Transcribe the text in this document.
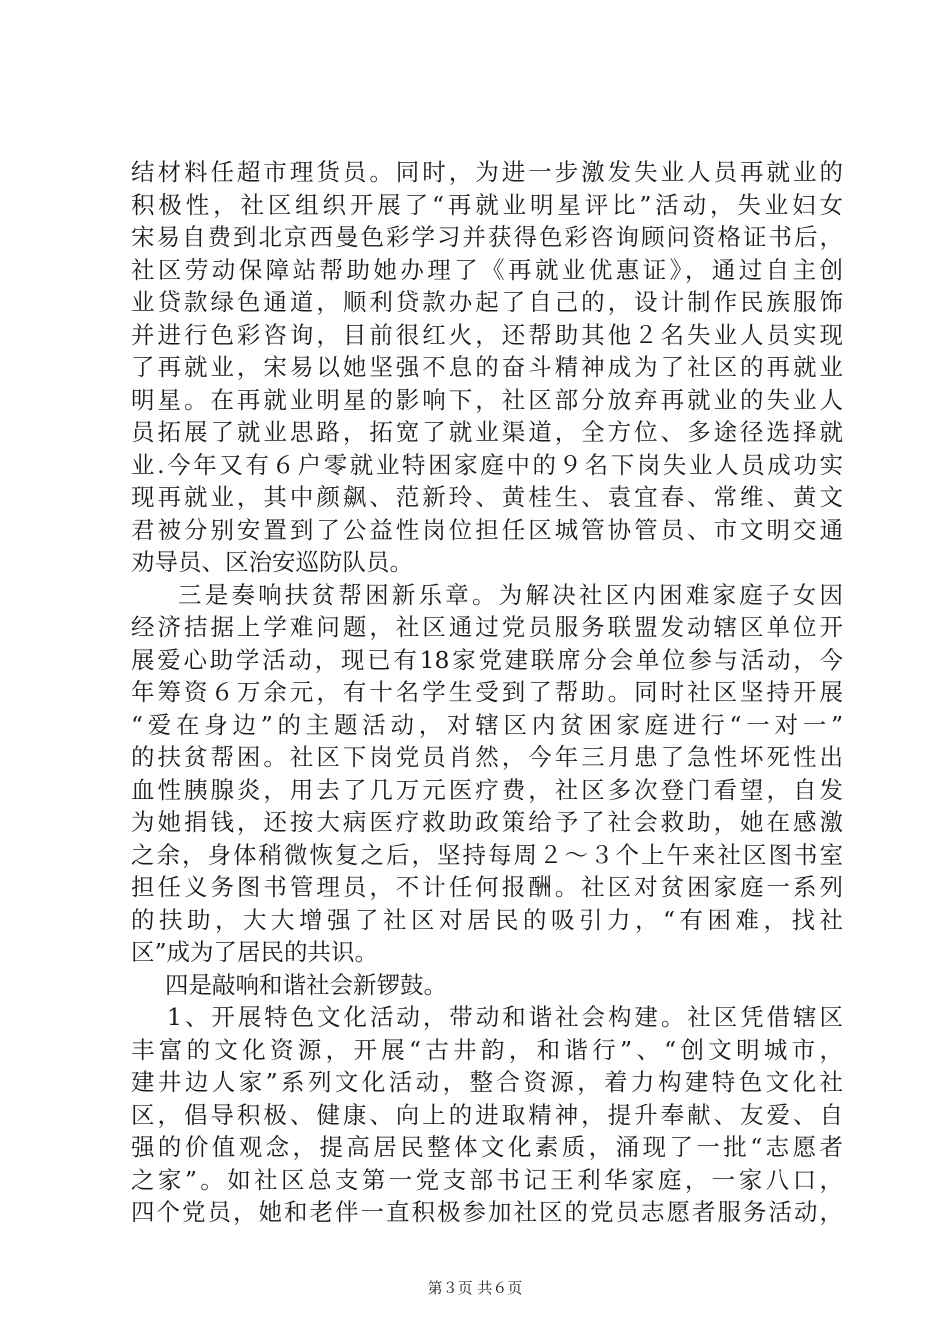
结材料任超市理货员。同时，为进一步激发失业人员再就业的
积极性，社区组织开展了“再就业明星评比”活动，失业妇女
宋易自费到北京西曼色彩学习并获得色彩咨询顾问资格证书后，
社区劳动保障站帮助她办理了《再就业优惠证》，通过自主创
业贷款绿色通道，顺利贷款办起了自己的，设计制作民族服饰
并进行色彩咨询，目前很红火，还帮助其他２名失业人员实现
了再就业，宋易以她坚强不息的奋斗精神成为了社区的再就业
明星。在再就业明星的影响下，社区部分放弃再就业的失业人
员拓展了就业思路，拓宽了就业渠道，全方位、多途径选择就
业.今年又有６户零就业特困家庭中的９名下岗失业人员成功实
现再就业，其中颜飙、范新玲、黄桂生、袁宜春、常维、黄文
君被分别安置到了公益性岗位担任区城管协管员、市文明交通
劝导员、区治安巡防队员。
三是奏响扶贫帮困新乐章。为解决社区内困难家庭子女因
经济拮据上学难问题，社区通过党员服务联盟发动辖区单位开
展爱心助学活动，现已有18家党建联席分会单位参与活动，今
年筹资６万余元，有十名学生受到了帮助。同时社区坚持开展
“爱在身边”的主题活动，对辖区内贫困家庭进行“一对一”
的扶贫帮困。社区下岗党员肖然，今年三月患了急性坏死性出
血性胰腺炎，用去了几万元医疗费，社区多次登门看望，自发
为她捐钱，还按大病医疗救助政策给予了社会救助，她在感激
之余，身体稍微恢复之后，坚持每周２～３个上午来社区图书室
担任义务图书管理员，不计任何报酬。社区对贫困家庭一系列
的扶助，大大增强了社区对居民的吸引力，“有困难，找社
区”成为了居民的共识。
四是敲响和谐社会新锣鼓。
1、开展特色文化活动，带动和谐社会构建。社区凭借辖区
丰富的文化资源，开展“古井韵，和谐行”、“创文明城市，
建井边人家”系列文化活动，整合资源，着力构建特色文化社
区，倡导积极、健康、向上的进取精神，提升奉献、友爱、自
强的价值观念，提高居民整体文化素质，涌现了一批“志愿者
之家”。如社区总支第一党支部书记王利华家庭，一家八口，
四个党员，她和老伴一直积极参加社区的党员志愿者服务活动，
第３页 共６页
